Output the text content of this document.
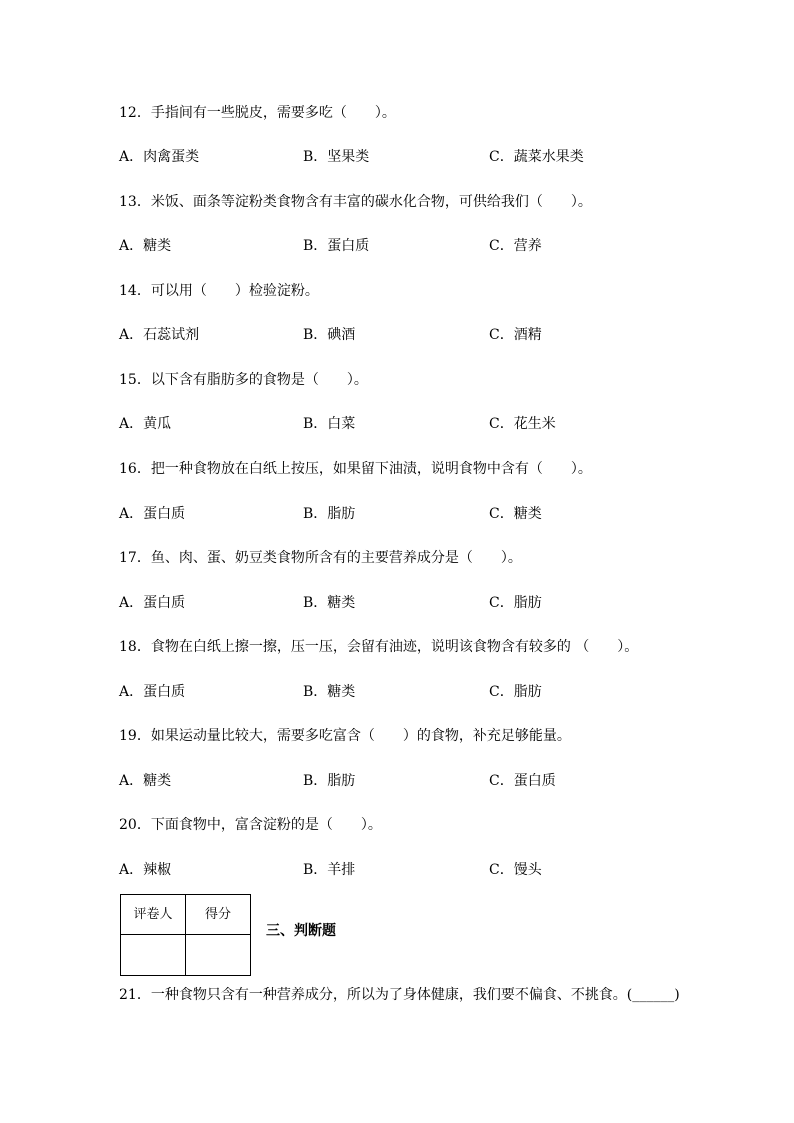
12．手指间有一些脱皮，需要多吃（　　）。
A．肉禽蛋类	B．坚果类	C．蔬菜水果类
13．米饭、面条等淀粉类食物含有丰富的碳水化合物，可供给我们（　　）。
A．糖类	B．蛋白质	C．营养
14．可以用（　　）检验淀粉。
A．石蕊试剂	B．碘酒	C．酒精
15．以下含有脂肪多的食物是（　　）。
A．黄瓜	B．白菜	C．花生米
16．把一种食物放在白纸上按压，如果留下油渍，说明食物中含有（　　）。
A．蛋白质	B．脂肪	C．糖类
17．鱼、肉、蛋、奶豆类食物所含有的主要营养成分是（　　）。
A．蛋白质	B．糖类	C．脂肪
18．食物在白纸上擦一擦，压一压，会留有油迹，说明该食物含有较多的 （　　）。
A．蛋白质	B．糖类	C．脂肪
19．如果运动量比较大，需要多吃富含（　　）的食物，补充足够能量。
A．糖类	B．脂肪	C．蛋白质
20．下面食物中，富含淀粉的是（　　）。
A．辣椒	B．羊排	C．馒头
评卷人	得分

三、判断题
21．一种食物只含有一种营养成分，所以为了身体健康，我们要不偏食、不挑食。(______)
